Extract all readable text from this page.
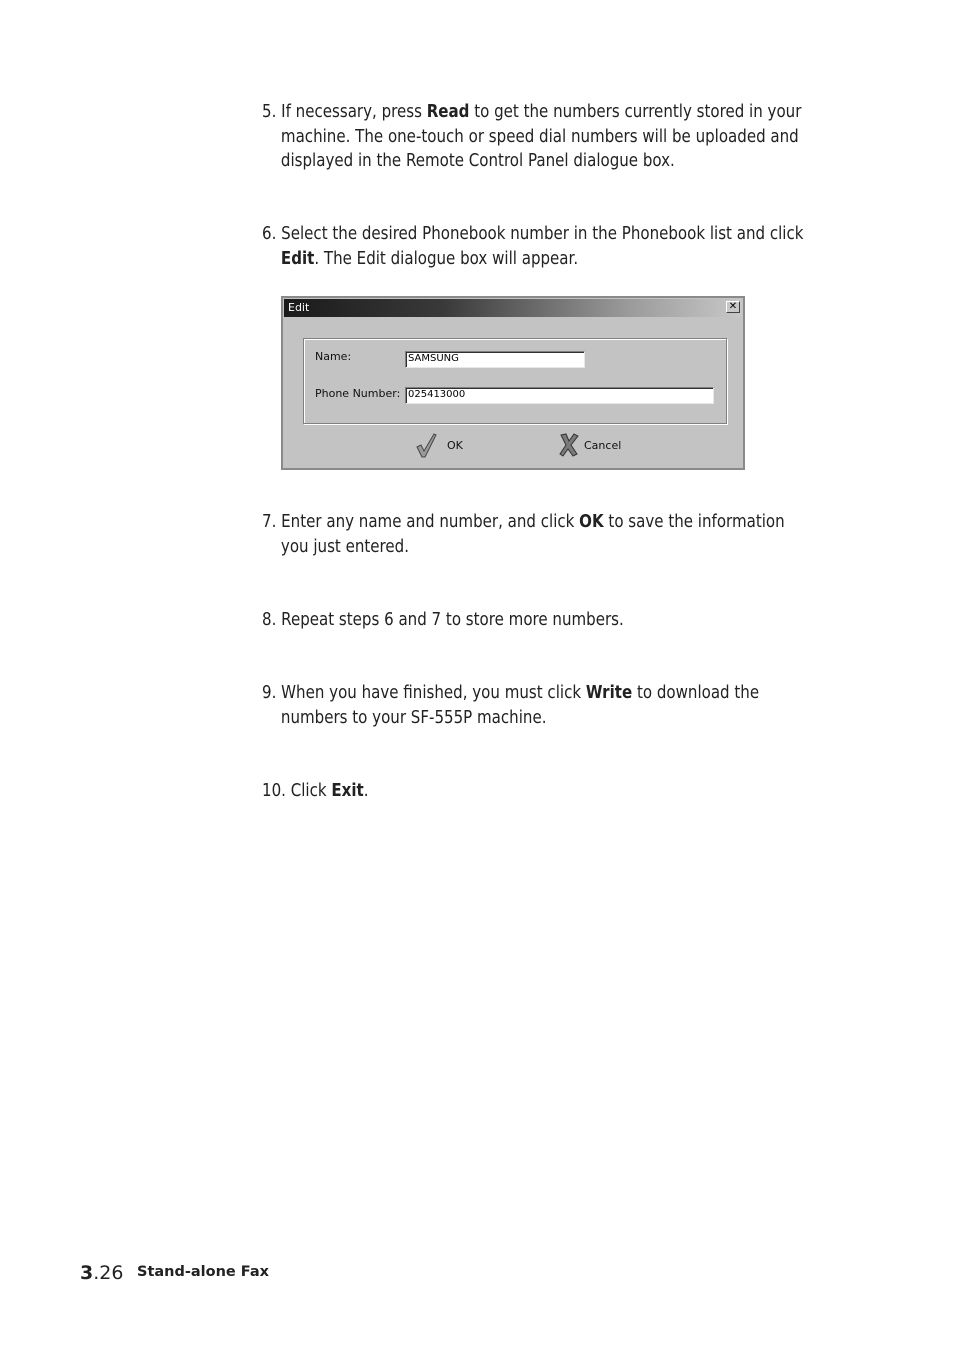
5. If necessary, press Read to get the numbers currently stored in your
machine. The one-touch or speed dial numbers will be uploaded and
displayed in the Remote Control Panel dialogue box.
6. Select the desired Phonebook number in the Phonebook list and click
Edit. The Edit dialogue box will appear.
Edit	✕
Name:	SAMSUNG
Phone Number: 025413000
OK	Cancel
7. Enter any name and number, and click OK to save the information
you just entered.
8. Repeat steps 6 and 7 to store more numbers.
9. When you have finished, you must click Write to download the
numbers to your SF-555P machine.
10. Click Exit.
3.26 Stand-alone Fax
